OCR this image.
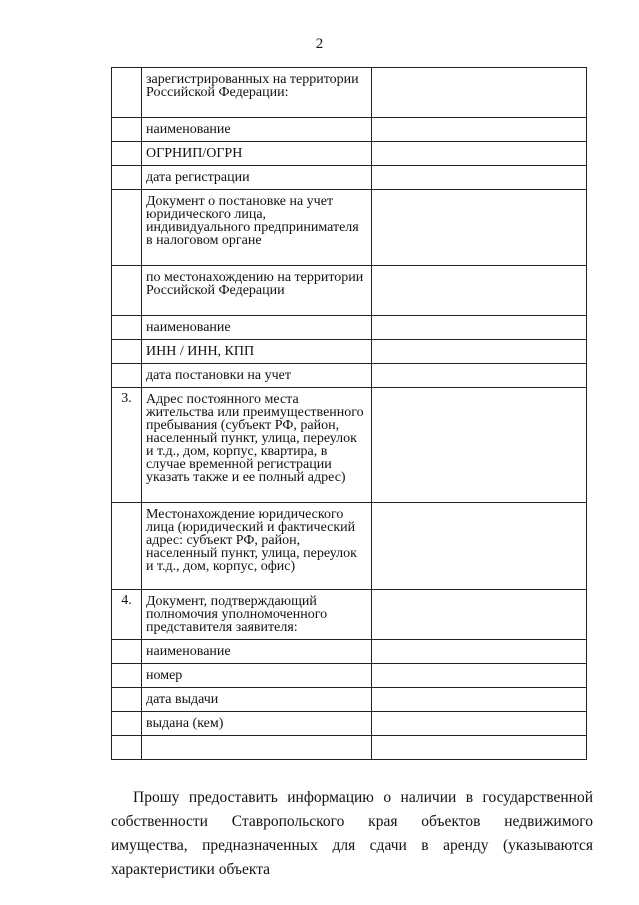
2
	зарегистрированных на территории Российской Федерации:	
	наименование	
	ОГРНИП/ОГРН	
	дата регистрации	
	Документ о постановке на учет юридического лица, индивидуального предпринимателя в налоговом органе	
	по местонахождению на территории Российской Федерации	
	наименование	
	ИНН / ИНН, КПП	
	дата постановки на учет	
3.	Адрес постоянного места жительства или преимущественного пребывания (субъект РФ, район, населенный пункт, улица, переулок и т.д., дом, корпус, квартира, в случае временной регистрации указать также и ее полный адрес)	
	Местонахождение юридического лица (юридический и фактический адрес: субъект РФ, район, населенный пункт, улица, переулок и т.д., дом, корпус, офис)	
4.	Документ, подтверждающий полномочия уполномоченного представителя заявителя:	
	наименование	
	номер	
	дата выдачи	
	выдана (кем)	

Прошу предоставить информацию о наличии в государственной собственности Ставропольского края объектов недвижимого имущества, предназначенных для сдачи в аренду (указываются характеристики объекта
